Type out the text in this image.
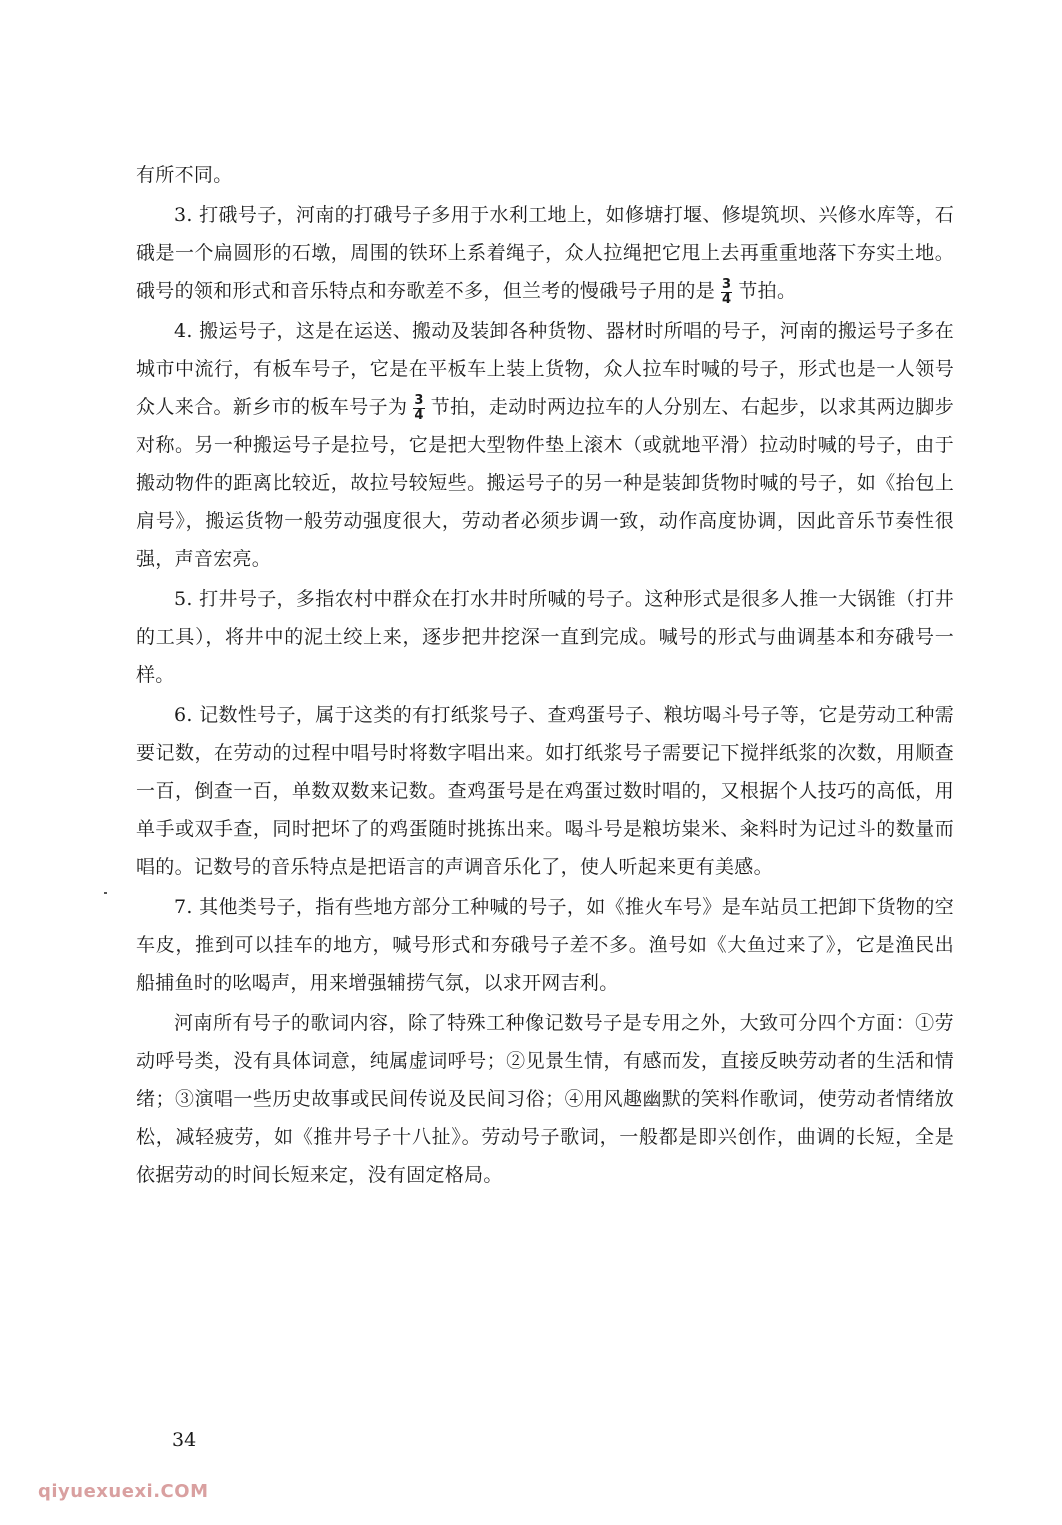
有所不同。

3. 打硪号子，河南的打硪号子多用于水利工地上，如修塘打堰、修堤筑坝、兴修水库等，石硪是一个扁圆形的石墩，周围的铁环上系着绳子，众人拉绳把它甩上去再重重地落下夯实土地。硪号的领和形式和音乐特点和夯歌差不多，但兰考的慢硪号子用的是 $\frac{3}{4}$ 节拍。

4. 搬运号子，这是在运送、搬动及装卸各种货物、器材时所唱的号子，河南的搬运号子多在城市中流行，有板车号子，它是在平板车上装上货物，众人拉车时喊的号子，形式也是一人领号众人来合。新乡市的板车号子为 $\frac{3}{4}$ 节拍，走动时两边拉车的人分别左、右起步，以求其两边脚步对称。另一种搬运号子是拉号，它是把大型物件垫上滚木（或就地平滑）拉动时喊的号子，由于搬动物件的距离比较近，故拉号较短些。搬运号子的另一种是装卸货物时喊的号子，如《抬包上肩号》，搬运货物一般劳动强度很大，劳动者必须步调一致，动作高度协调，因此音乐节奏性很强，声音宏亮。

5. 打井号子，多指农村中群众在打水井时所喊的号子。这种形式是很多人推一大锅锥（打井的工具），将井中的泥土绞上来，逐步把井挖深一直到完成。喊号的形式与曲调基本和夯硪号一样。

6. 记数性号子，属于这类的有打纸浆号子、查鸡蛋号子、粮坊喝斗号子等，它是劳动工种需要记数，在劳动的过程中唱号时将数字唱出来。如打纸浆号子需要记下搅拌纸浆的次数，用顺查一百，倒查一百，单数双数来记数。查鸡蛋号是在鸡蛋过数时唱的，又根据个人技巧的高低，用单手或双手查，同时把坏了的鸡蛋随时挑拣出来。喝斗号是粮坊粜米、籴料时为记过斗的数量而唱的。记数号的音乐特点是把语言的声调音乐化了，使人听起来更有美感。

7. 其他类号子，指有些地方部分工种喊的号子，如《推火车号》是车站员工把卸下货物的空车皮，推到可以挂车的地方，喊号形式和夯硪号子差不多。渔号如《大鱼过来了》，它是渔民出船捕鱼时的吆喝声，用来增强辅捞气氛，以求开网吉利。

河南所有号子的歌词内容，除了特殊工种像记数号子是专用之外，大致可分四个方面：①劳动呼号类，没有具体词意，纯属虚词呼号；②见景生情，有感而发，直接反映劳动者的生活和情绪；③演唱一些历史故事或民间传说及民间习俗；④用风趣幽默的笑料作歌词，使劳动者情绪放松，减轻疲劳，如《推井号子十八扯》。劳动号子歌词，一般都是即兴创作，曲调的长短，全是依据劳动的时间长短来定，没有固定格局。

34
qiyuexuexi.COM
